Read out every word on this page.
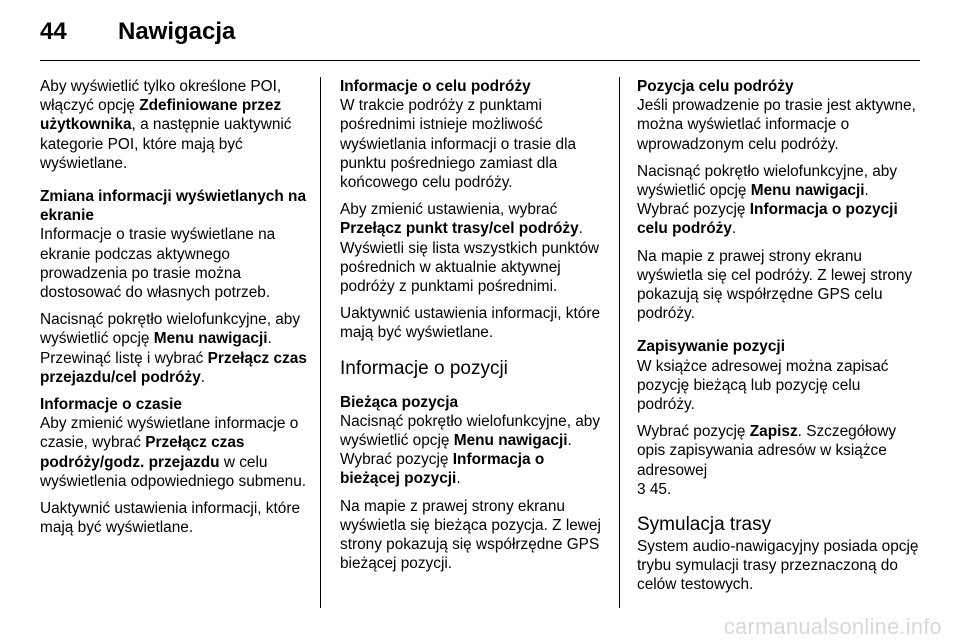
44	Nawigacja

Aby wyświetlić tylko określone POI, włączyć opcję Zdefiniowane przez użytkownika, a następnie uaktywnić kategorie POI, które mają być wyświetlane.

Zmiana informacji wyświetlanych na ekranie

Informacje o trasie wyświetlane na ekranie podczas aktywnego prowadzenia po trasie można dostosować do własnych potrzeb.

Nacisnąć pokrętło wielofunkcyjne, aby wyświetlić opcję Menu nawigacji. Przewinąć listę i wybrać Przełącz czas przejazdu/cel podróży.

Informacje o czasie

Aby zmienić wyświetlane informacje o czasie, wybrać Przełącz czas podróży/godz. przejazdu w celu wyświetlenia odpowiedniego submenu.

Uaktywnić ustawienia informacji, które mają być wyświetlane.

Informacje o celu podróży

W trakcie podróży z punktami pośrednimi istnieje możliwość wyświetlania informacji o trasie dla punktu pośredniego zamiast dla końcowego celu podróży.

Aby zmienić ustawienia, wybrać Przełącz punkt trasy/cel podróży. Wyświetli się lista wszystkich punktów pośrednich w aktualnie aktywnej podróży z punktami pośrednimi.

Uaktywnić ustawienia informacji, które mają być wyświetlane.

Informacje o pozycji
Bieżąca pozycja

Nacisnąć pokrętło wielofunkcyjne, aby wyświetlić opcję Menu nawigacji. Wybrać pozycję Informacja o bieżącej pozycji.

Na mapie z prawej strony ekranu wyświetla się bieżąca pozycja. Z lewej strony pokazują się współrzędne GPS bieżącej pozycji.

Pozycja celu podróży

Jeśli prowadzenie po trasie jest aktywne, można wyświetlać informacje o wprowadzonym celu podróży.

Nacisnąć pokrętło wielofunkcyjne, aby wyświetlić opcję Menu nawigacji. Wybrać pozycję Informacja o pozycji celu podróży.

Na mapie z prawej strony ekranu wyświetla się cel podróży. Z lewej strony pokazują się współrzędne GPS celu podróży.

Zapisywanie pozycji

W książce adresowej można zapisać pozycję bieżącą lub pozycję celu podróży.

Wybrać pozycję Zapisz. Szczegółowy opis zapisywania adresów w książce adresowej
3 45.

Symulacja trasy

System audio-nawigacyjny posiada opcję trybu symulacji trasy przeznaczoną do celów testowych.

carmanualsonline.info
